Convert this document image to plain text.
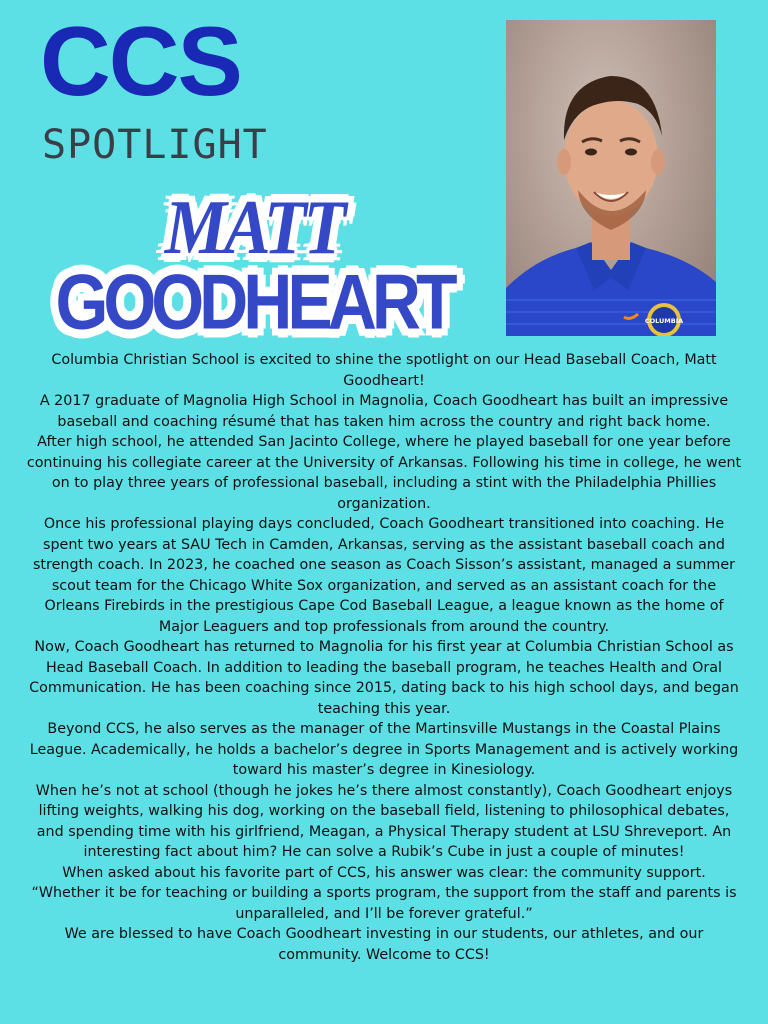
CCS
SPOTLIGHT
MATT
GOODHEART	COLUMBIA

Columbia Christian School is excited to shine the spotlight on our Head Baseball Coach, Matt Goodheart!

A 2017 graduate of Magnolia High School in Magnolia, Coach Goodheart has built an impressive baseball and coaching résumé that has taken him across the country and right back home.

After high school, he attended San Jacinto College, where he played baseball for one year before continuing his collegiate career at the University of Arkansas. Following his time in college, he went on to play three years of professional baseball, including a stint with the Philadelphia Phillies organization.

Once his professional playing days concluded, Coach Goodheart transitioned into coaching. He spent two years at SAU Tech in Camden, Arkansas, serving as the assistant baseball coach and strength coach. In 2023, he coached one season as Coach Sisson’s assistant, managed a summer scout team for the Chicago White Sox organization, and served as an assistant coach for the Orleans Firebirds in the prestigious Cape Cod Baseball League, a league known as the home of Major Leaguers and top professionals from around the country.

Now, Coach Goodheart has returned to Magnolia for his first year at Columbia Christian School as Head Baseball Coach. In addition to leading the baseball program, he teaches Health and Oral Communication. He has been coaching since 2015, dating back to his high school days, and began teaching this year.

Beyond CCS, he also serves as the manager of the Martinsville Mustangs in the Coastal Plains League. Academically, he holds a bachelor’s degree in Sports Management and is actively working toward his master’s degree in Kinesiology.

When he’s not at school (though he jokes he’s there almost constantly), Coach Goodheart enjoys lifting weights, walking his dog, working on the baseball field, listening to philosophical debates, and spending time with his girlfriend, Meagan, a Physical Therapy student at LSU Shreveport. An interesting fact about him? He can solve a Rubik’s Cube in just a couple of minutes!

When asked about his favorite part of CCS, his answer was clear: the community support. “Whether it be for teaching or building a sports program, the support from the staff and parents is unparalleled, and I’ll be forever grateful.”

We are blessed to have Coach Goodheart investing in our students, our athletes, and our community. Welcome to CCS!
